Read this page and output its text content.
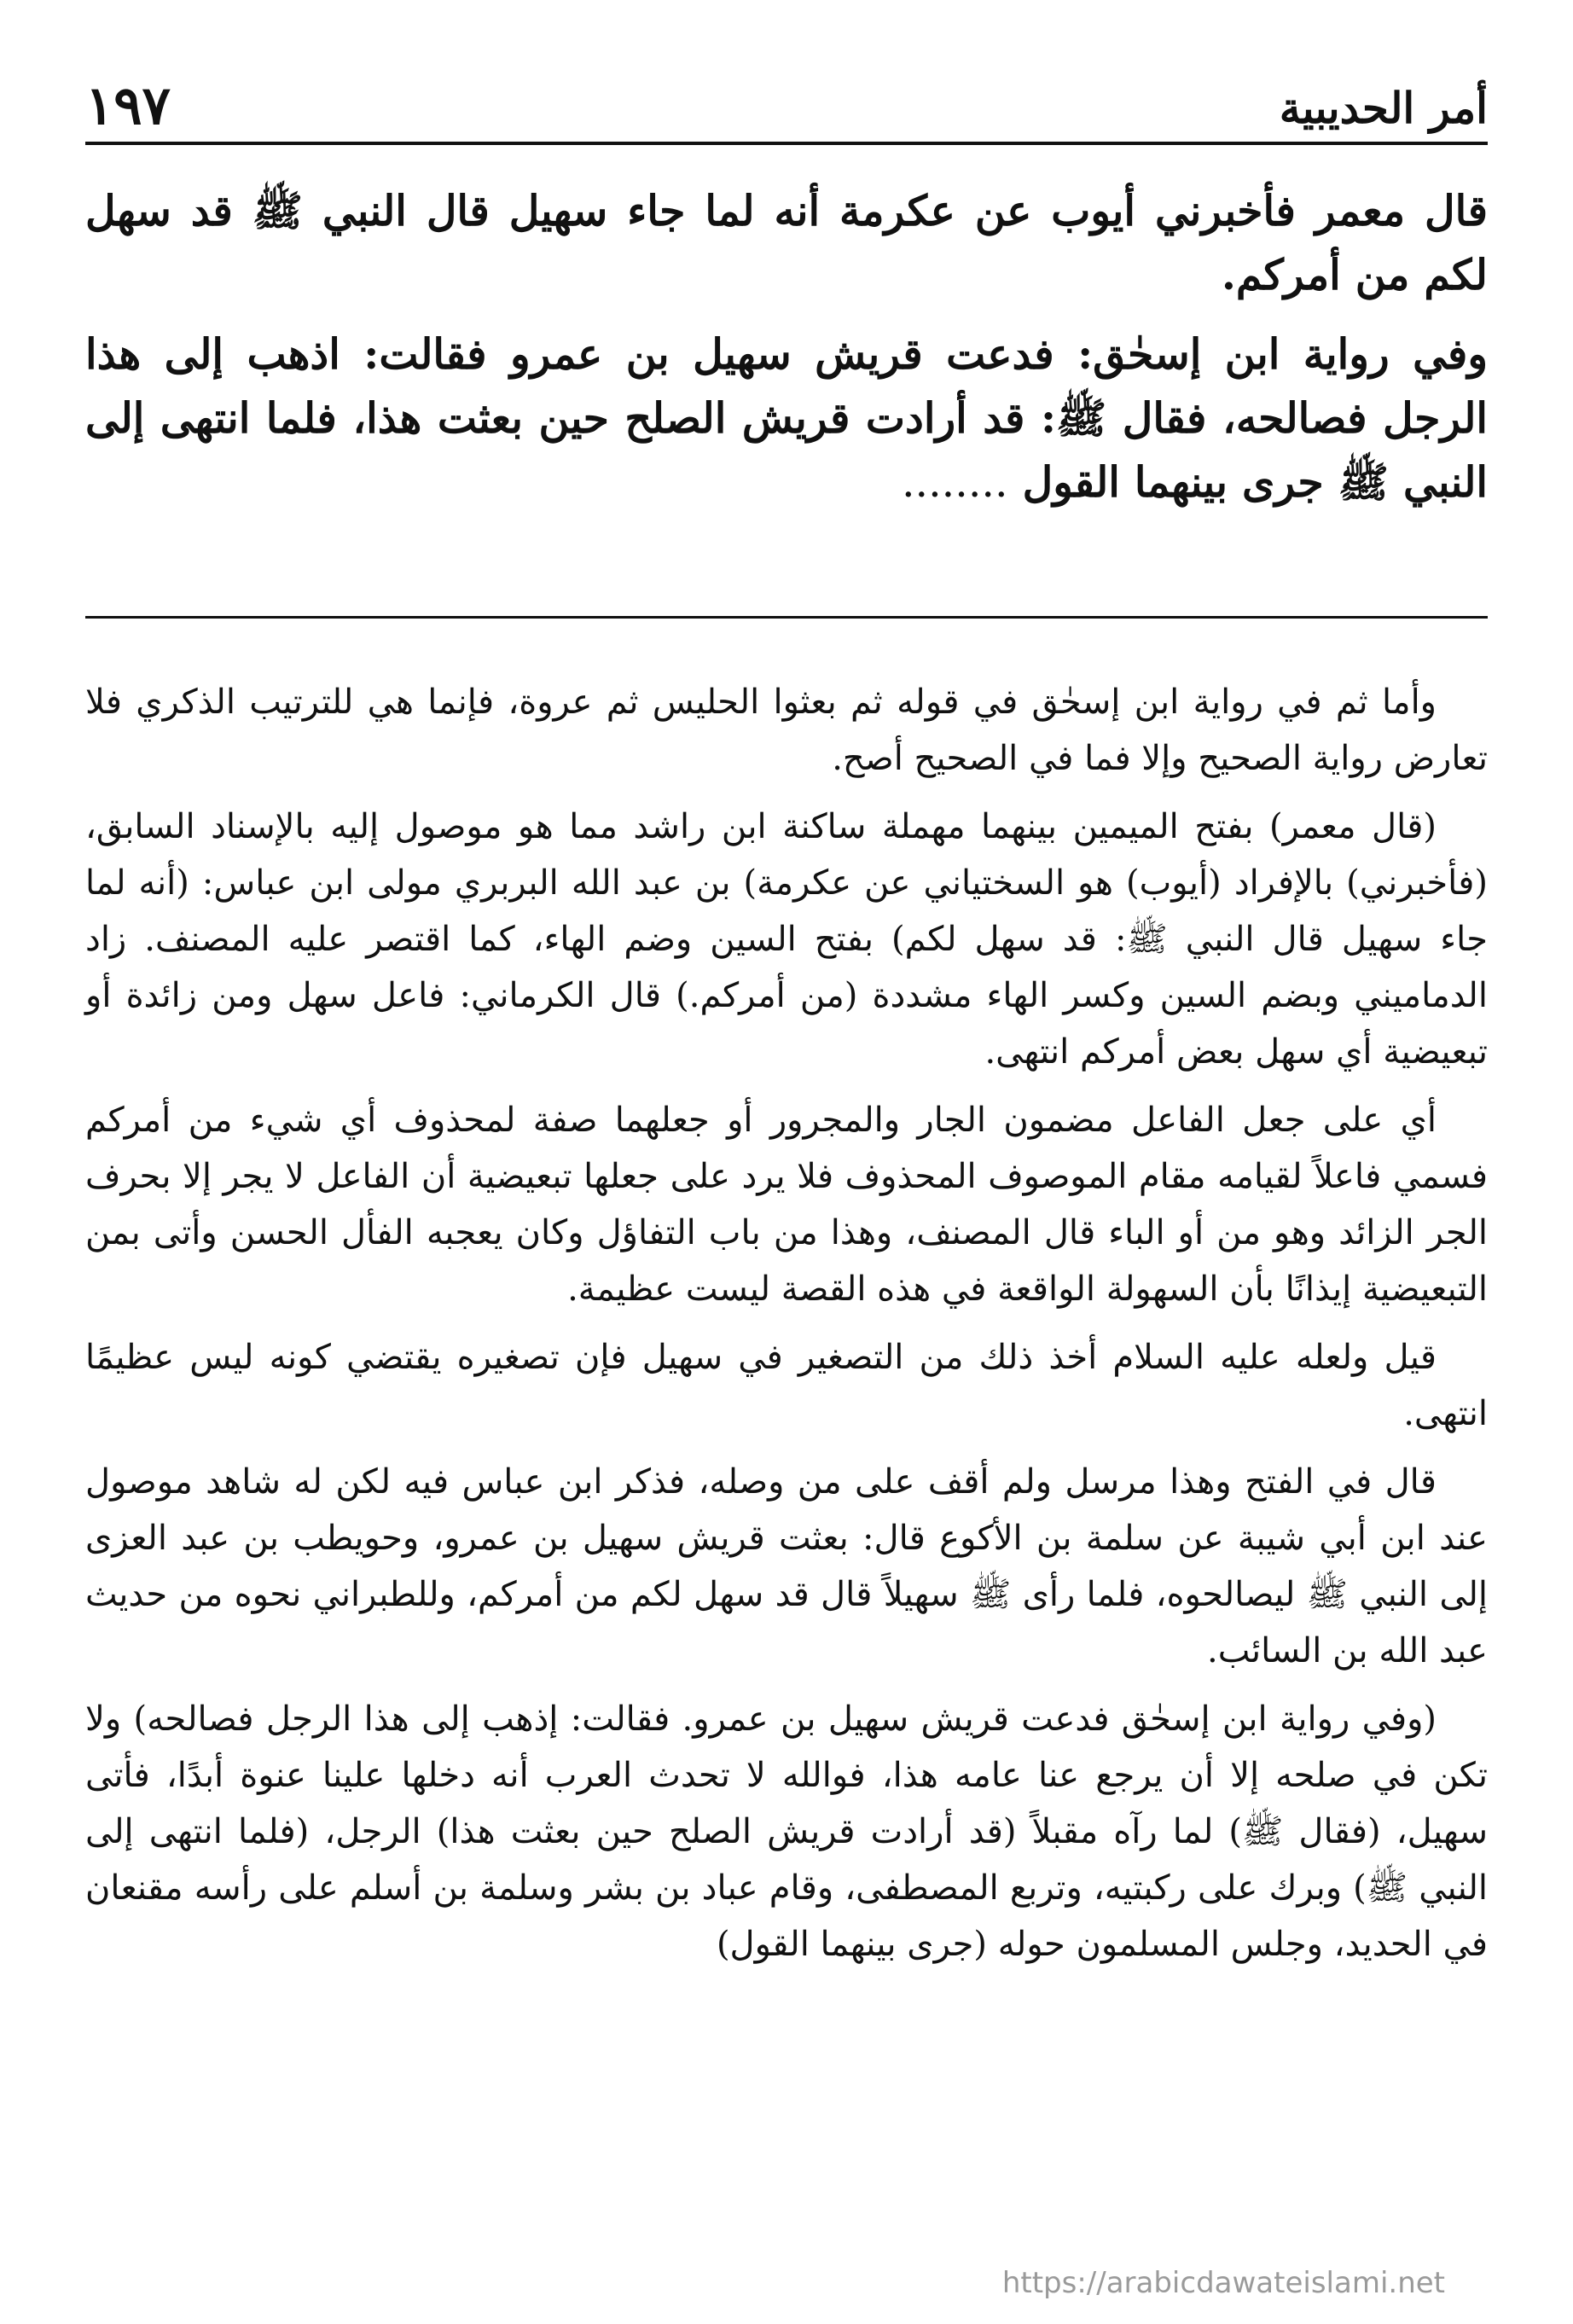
١٩٧	أمر الحديبية

قال معمر فأخبرني أيوب عن عكرمة أنه لما جاء سهيل قال النبي ﷺ قد سهل لكم من أمركم.

وفي رواية ابن إسحٰق: فدعت قريش سهيل بن عمرو فقالت: اذهب إلى هذا الرجل فصالحه، فقال ﷺ: قد أرادت قريش الصلح حين بعثت هذا، فلما انتهى إلى النبي ﷺ جرى بينهما القول ........

وأما ثم في رواية ابن إسحٰق في قوله ثم بعثوا الحليس ثم عروة، فإنما هي للترتيب الذكري فلا تعارض رواية الصحيح وإلا فما في الصحيح أصح.

(قال معمر) بفتح الميمين بينهما مهملة ساكنة ابن راشد مما هو موصول إليه بالإسناد السابق، (فأخبرني) بالإفراد (أيوب) هو السختياني عن عكرمة) بن عبد الله البربري مولى ابن عباس: (أنه لما جاء سهيل قال النبي ﷺ: قد سهل لكم) بفتح السين وضم الهاء، كما اقتصر عليه المصنف. زاد الدماميني وبضم السين وكسر الهاء مشددة (من أمركم.) قال الكرماني: فاعل سهل ومن زائدة أو تبعيضية أي سهل بعض أمركم انتهى.

أي على جعل الفاعل مضمون الجار والمجرور أو جعلهما صفة لمحذوف أي شيء من أمركم فسمي فاعلاً لقيامه مقام الموصوف المحذوف فلا يرد على جعلها تبعيضية أن الفاعل لا يجر إلا بحرف الجر الزائد وهو من أو الباء قال المصنف، وهذا من باب التفاؤل وكان يعجبه الفأل الحسن وأتى بمن التبعيضية إيذانًا بأن السهولة الواقعة في هذه القصة ليست عظيمة.

قيل ولعله عليه السلام أخذ ذلك من التصغير في سهيل فإن تصغيره يقتضي كونه ليس عظيمًا انتهى.

قال في الفتح وهذا مرسل ولم أقف على من وصله، فذكر ابن عباس فيه لكن له شاهد موصول عند ابن أبي شيبة عن سلمة بن الأكوع قال: بعثت قريش سهيل بن عمرو، وحويطب بن عبد العزى إلى النبي ﷺ ليصالحوه، فلما رأى ﷺ سهيلاً قال قد سهل لكم من أمركم، وللطبراني نحوه من حديث عبد الله بن السائب.

(وفي رواية ابن إسحٰق فدعت قريش سهيل بن عمرو. فقالت: إذهب إلى هذا الرجل فصالحه) ولا تكن في صلحه إلا أن يرجع عنا عامه هذا، فوالله لا تحدث العرب أنه دخلها علينا عنوة أبدًا، فأتى سهيل، (فقال ﷺ) لما رآه مقبلاً (قد أرادت قريش الصلح حين بعثت هذا) الرجل، (فلما انتهى إلى النبي ﷺ) وبرك على ركبتيه، وتربع المصطفى، وقام عباد بن بشر وسلمة بن أسلم على رأسه مقنعان في الحديد، وجلس المسلمون حوله (جرى بينهما القول)

https://arabicdawateislami.net
